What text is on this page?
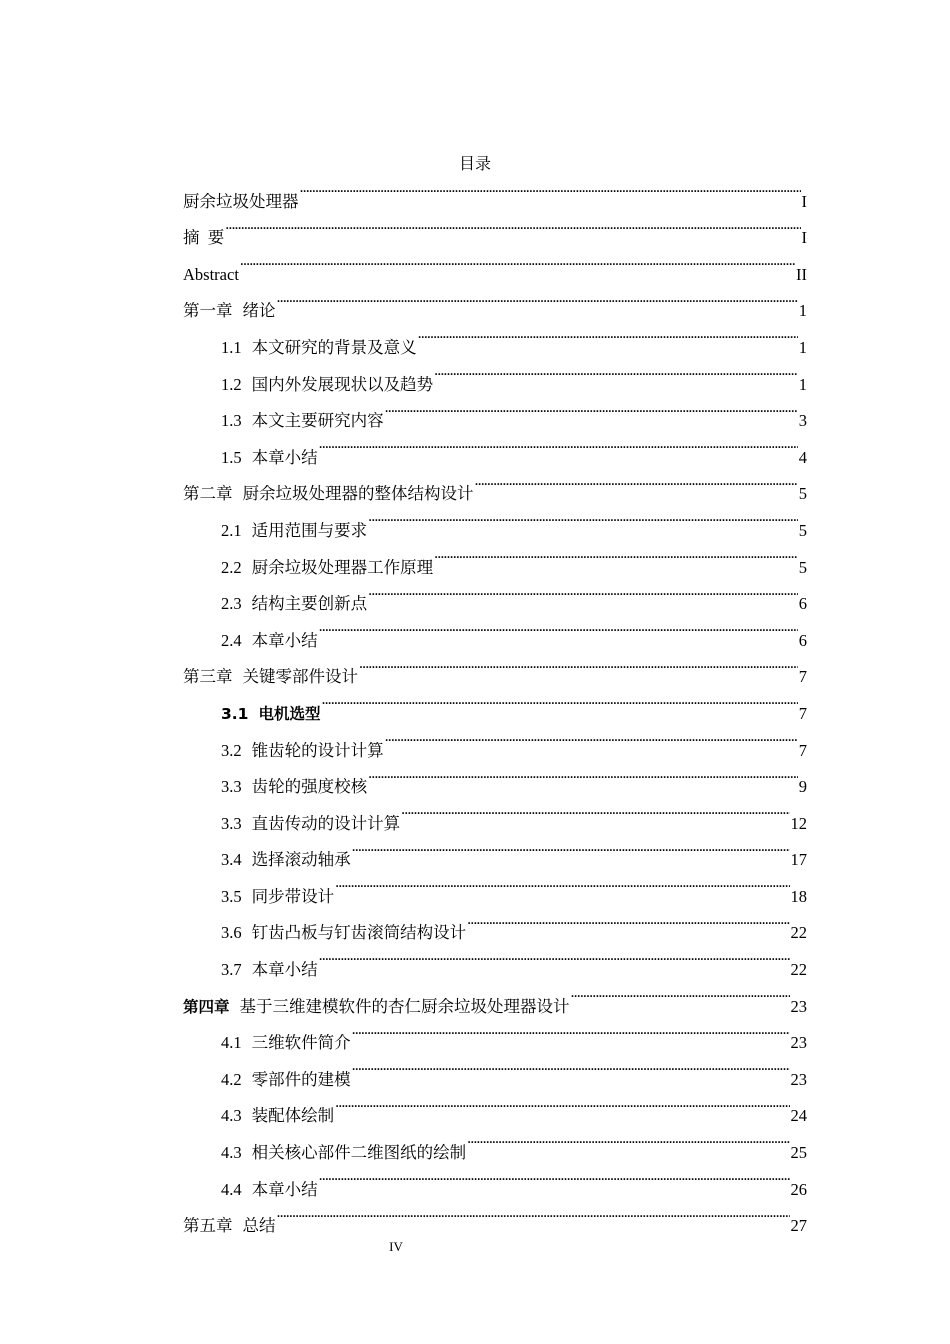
目录
厨余垃圾处理器 . . .	I
摘  要 . . .	I
Abstract . . .	II
第一章 绪论 . . .	1
1.1 本文研究的背景及意义 . . .	1
1.2 国内外发展现状以及趋势 . . .	1
1.3 本文主要研究内容 . . .	3
1.5 本章小结 . . .	4
第二章 厨余垃圾处理器的整体结构设计 . . .	5
2.1 适用范围与要求 . . .	5
2.2 厨余垃圾处理器工作原理 . . .	5
2.3 结构主要创新点 . . .	6
2.4 本章小结 . . .	6
第三章 关键零部件设计 . . .	7
3.1 电机选型 . . .	7
3.2 锥齿轮的设计计算 . . .	7
3.3 齿轮的强度校核 . . .	9
3.3 直齿传动的设计计算 . . .	12
3.4 选择滚动轴承 . . .	17
3.5 同步带设计 . . .	18
3.6 钉齿凸板与钉齿滚筒结构设计 . . .	22
3.7 本章小结 . . .	22
第四章 基于三维建模软件的杏仁厨余垃圾处理器设计 . . .	23
4.1 三维软件简介 . . .	23
4.2 零部件的建模 . . .	23
4.3 装配体绘制 . . .	24
4.3 相关核心部件二维图纸的绘制 . . .	25
4.4 本章小结 . . .	26
第五章 总结 . . .	27
IV
